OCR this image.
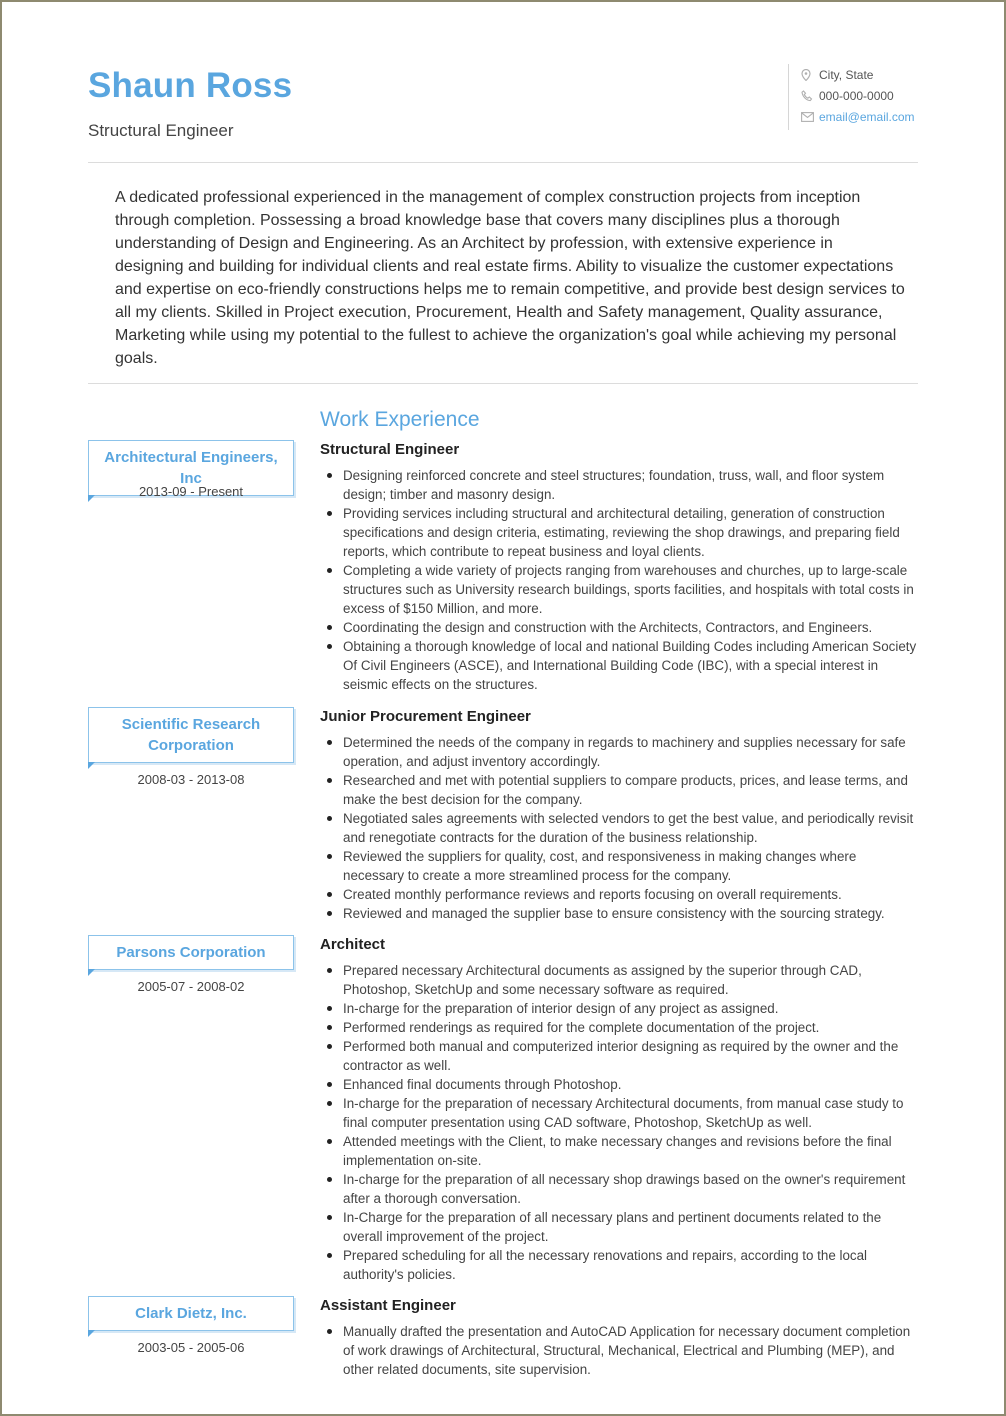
Shaun Ross
Structural Engineer
City, State
000-000-0000
email@email.com
A dedicated professional experienced in the management of complex construction projects from inception through completion. Possessing a broad knowledge base that covers many disciplines plus a thorough understanding of Design and Engineering. As an Architect by profession, with extensive experience in designing and building for individual clients and real estate firms. Ability to visualize the customer expectations and expertise on eco-friendly constructions helps me to remain competitive, and provide best design services to all my clients. Skilled in Project execution, Procurement, Health and Safety management, Quality assurance, Marketing while using my potential to the fullest to achieve the organization's goal while achieving my personal goals.
Work Experience
Architectural Engineers, Inc
2013-09 - Present
Structural Engineer
Designing reinforced concrete and steel structures; foundation, truss, wall, and floor system design; timber and masonry design.
Providing services including structural and architectural detailing, generation of construction specifications and design criteria, estimating, reviewing the shop drawings, and preparing field reports, which contribute to repeat business and loyal clients.
Completing a wide variety of projects ranging from warehouses and churches, up to large-scale structures such as University research buildings, sports facilities, and hospitals with total costs in excess of $150 Million, and more.
Coordinating the design and construction with the Architects, Contractors, and Engineers.
Obtaining a thorough knowledge of local and national Building Codes including American Society Of Civil Engineers (ASCE), and International Building Code (IBC), with a special interest in seismic effects on the structures.
Scientific Research Corporation
2008-03 - 2013-08
Junior Procurement Engineer
Determined the needs of the company in regards to machinery and supplies necessary for safe operation, and adjust inventory accordingly.
Researched and met with potential suppliers to compare products, prices, and lease terms, and make the best decision for the company.
Negotiated sales agreements with selected vendors to get the best value, and periodically revisit and renegotiate contracts for the duration of the business relationship.
Reviewed the suppliers for quality, cost, and responsiveness in making changes where necessary to create a more streamlined process for the company.
Created monthly performance reviews and reports focusing on overall requirements.
Reviewed and managed the supplier base to ensure consistency with the sourcing strategy.
Parsons Corporation
2005-07 - 2008-02
Architect
Prepared necessary Architectural documents as assigned by the superior through CAD, Photoshop, SketchUp and some necessary software as required.
In-charge for the preparation of interior design of any project as assigned.
Performed renderings as required for the complete documentation of the project.
Performed both manual and computerized interior designing as required by the owner and the contractor as well.
Enhanced final documents through Photoshop.
In-charge for the preparation of necessary Architectural documents, from manual case study to final computer presentation using CAD software, Photoshop, SketchUp as well.
Attended meetings with the Client, to make necessary changes and revisions before the final implementation on-site.
In-charge for the preparation of all necessary shop drawings based on the owner's requirement after a thorough conversation.
In-Charge for the preparation of all necessary plans and pertinent documents related to the overall improvement of the project.
Prepared scheduling for all the necessary renovations and repairs, according to the local authority's policies.
Clark Dietz, Inc.
2003-05 - 2005-06
Assistant Engineer
Manually drafted the presentation and AutoCAD Application for necessary document completion of work drawings of Architectural, Structural, Mechanical, Electrical and Plumbing (MEP), and other related documents, site supervision.
